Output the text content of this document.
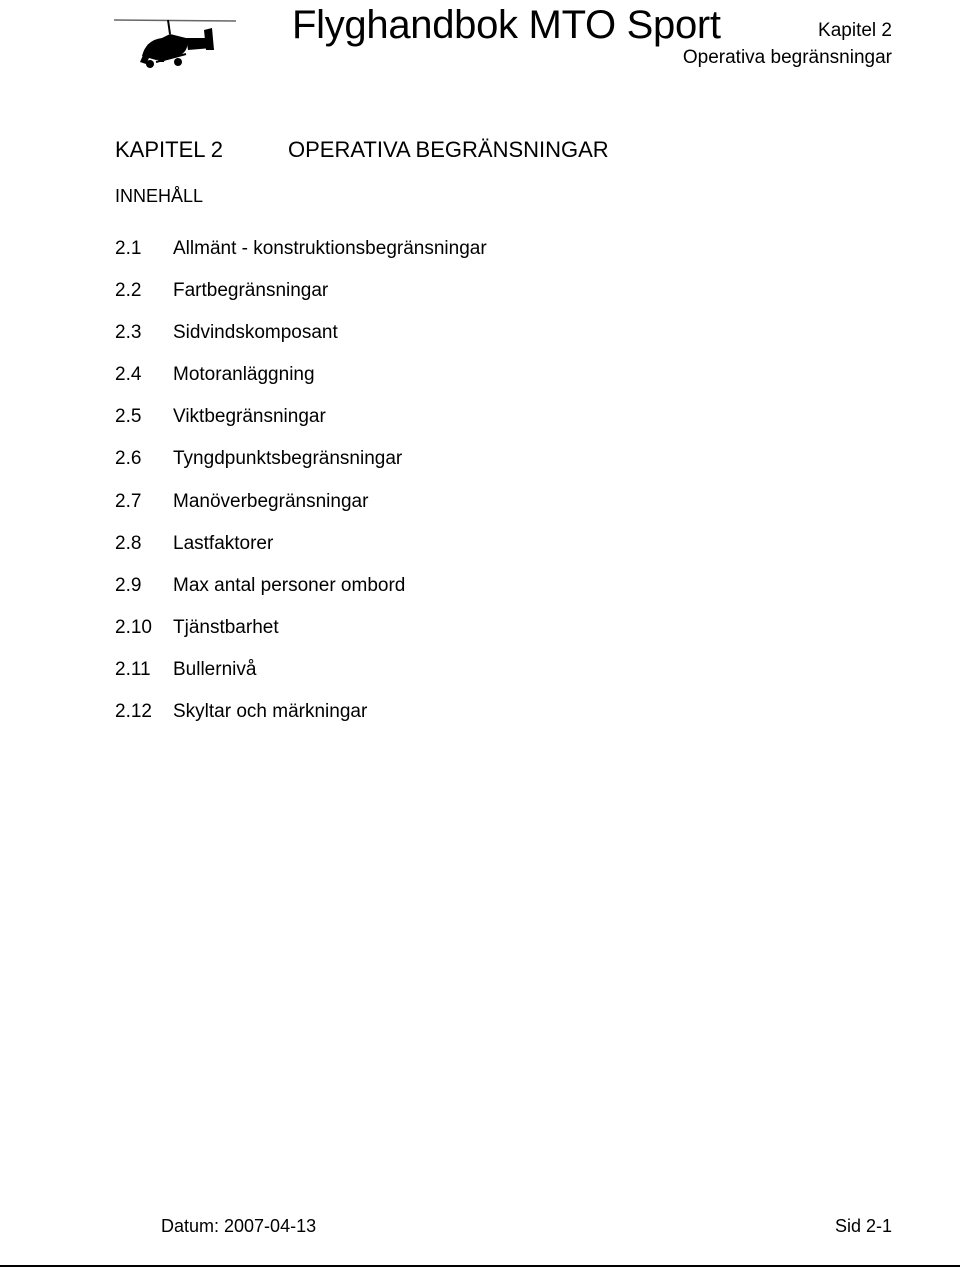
Flyghandbok MTO Sport	Kapitel 2
Operativa begränsningar
KAPITEL 2	OPERATIVA BEGRÄNSNINGAR
INNEHÅLL
2.1	Allmänt - konstruktionsbegränsningar
2.2	Fartbegränsningar
2.3	Sidvindskomposant
2.4	Motoranläggning
2.5	Viktbegränsningar
2.6	Tyngdpunktsbegränsningar
2.7	Manöverbegränsningar
2.8	Lastfaktorer
2.9	Max antal personer ombord
2.10	Tjänstbarhet
2.11	Bullernivå
2.12	Skyltar och märkningar
Datum: 2007-04-13	Sid 2-1
